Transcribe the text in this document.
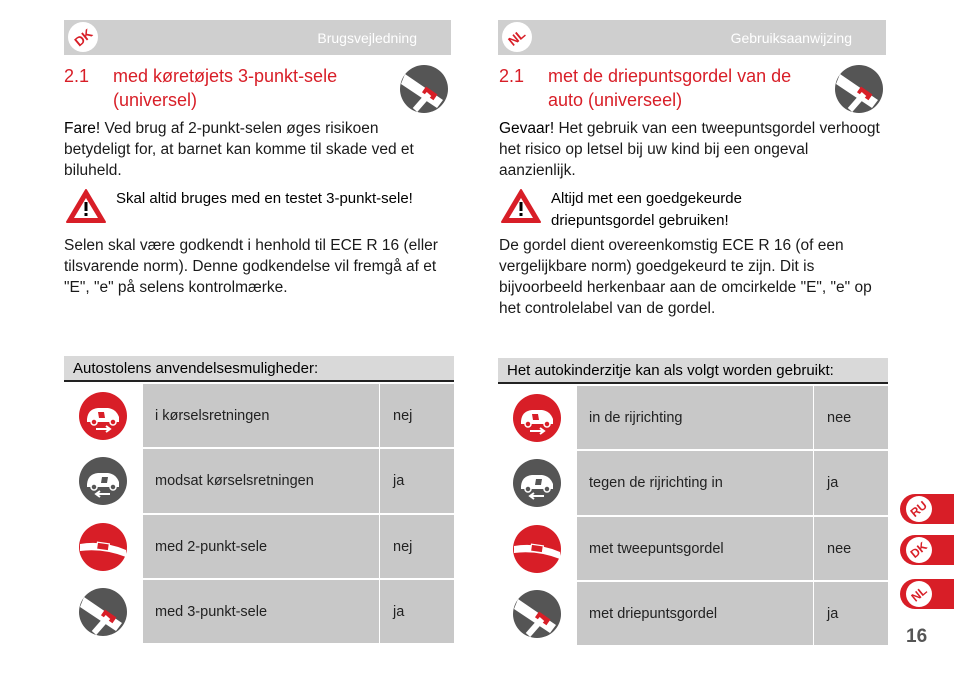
DK	Brugsvejledning
2.1 med køretøjets 3-punkt-sele (universel)

Fare! Ved brug af 2-punkt-selen øges risikoen betydeligt for, at barnet kan komme til skade ved et biluheld.

Skal altid bruges med en testet 3-punkt-sele!

Selen skal være godkendt i henhold til ECE R 16 (eller tilsvarende norm). Denne godkendelse vil fremgå af et "E", "e" på selens kontrolmærke.

Autostolens anvendelsesmuligheder:
i kørselsretningen	nej
modsat kørselsretningen	ja
med 2-punkt-sele	nej
med 3-punkt-sele	ja
NL	Gebruiksaanwijzing
2.1 met de driepuntsgordel van de auto (universeel)

Gevaar! Het gebruik van een tweepuntsgordel verhoogt het risico op letsel bij uw kind bij een ongeval aanzienlijk.

Altijd met een goedgekeurde driepuntsgordel gebruiken!

De gordel dient overeenkomstig ECE R 16 (of een vergelijkbare norm) goedgekeurd te zijn. Dit is bijvoorbeeld herkenbaar aan de omcirkelde "E", "e" op het controlelabel van de gordel.

Het autokinderzitje kan als volgt worden gebruikt:
in de rijrichting	nee
tegen de rijrichting in	ja
met tweepuntsgordel	nee
met driepuntsgordel	ja
RU
DK
NL
16
